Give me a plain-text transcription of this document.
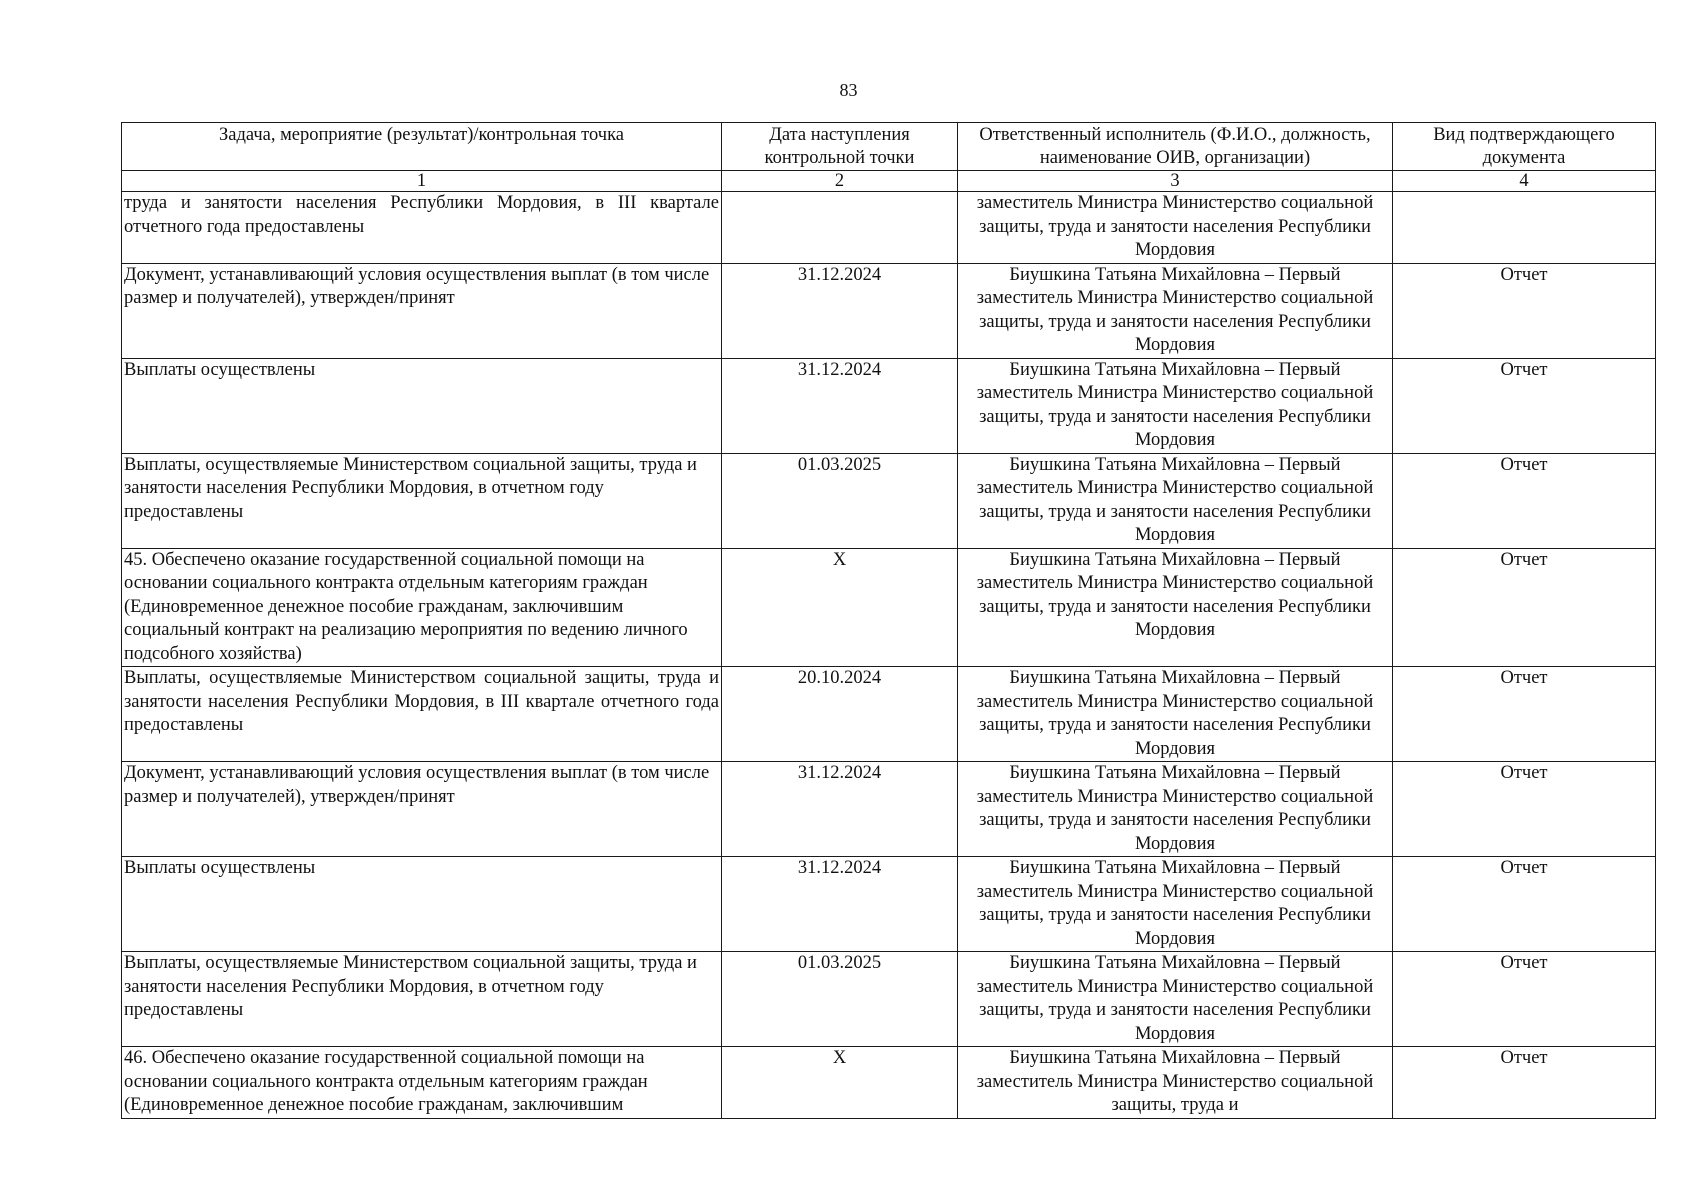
83
Задача, мероприятие (результат)/контрольная точка	Дата наступления контрольной точки	Ответственный исполнитель (Ф.И.О., должность, наименование ОИВ, организации)	Вид подтверждающего документа
1	2	3	4
труда и занятости населения Республики Мордовия, в III квартале отчетного года предоставлены		заместитель Министра Министерство социальной защиты, труда и занятости населения Республики Мордовия	
Документ, устанавливающий условия осуществления выплат (в том числе размер и получателей), утвержден/принят	31.12.2024	Биушкина Татьяна Михайловна – Первый заместитель Министра Министерство социальной защиты, труда и занятости населения Республики Мордовия	Отчет
Выплаты осуществлены	31.12.2024	Биушкина Татьяна Михайловна – Первый заместитель Министра Министерство социальной защиты, труда и занятости населения Республики Мордовия	Отчет
Выплаты, осуществляемые Министерством социальной защиты, труда и занятости населения Республики Мордовия, в отчетном году предоставлены	01.03.2025	Биушкина Татьяна Михайловна – Первый заместитель Министра Министерство социальной защиты, труда и занятости населения Республики Мордовия	Отчет
45. Обеспечено оказание государственной социальной помощи на основании социального контракта отдельным категориям граждан (Единовременное денежное пособие гражданам, заключившим социальный контракт на реализацию мероприятия по ведению личного подсобного хозяйства)	X	Биушкина Татьяна Михайловна – Первый заместитель Министра Министерство социальной защиты, труда и занятости населения Республики Мордовия	Отчет
Выплаты, осуществляемые Министерством социальной защиты, труда и занятости населения Республики Мордовия, в III квартале отчетного года предоставлены	20.10.2024	Биушкина Татьяна Михайловна – Первый заместитель Министра Министерство социальной защиты, труда и занятости населения Республики Мордовия	Отчет
Документ, устанавливающий условия осуществления выплат (в том числе размер и получателей), утвержден/принят	31.12.2024	Биушкина Татьяна Михайловна – Первый заместитель Министра Министерство социальной защиты, труда и занятости населения Республики Мордовия	Отчет
Выплаты осуществлены	31.12.2024	Биушкина Татьяна Михайловна – Первый заместитель Министра Министерство социальной защиты, труда и занятости населения Республики Мордовия	Отчет
Выплаты, осуществляемые Министерством социальной защиты, труда и занятости населения Республики Мордовия, в отчетном году предоставлены	01.03.2025	Биушкина Татьяна Михайловна – Первый заместитель Министра Министерство социальной защиты, труда и занятости населения Республики Мордовия	Отчет
46. Обеспечено оказание государственной социальной помощи на основании социального контракта отдельным категориям граждан (Единовременное денежное пособие гражданам, заключившим	X	Биушкина Татьяна Михайловна – Первый заместитель Министра Министерство социальной защиты, труда и	Отчет
